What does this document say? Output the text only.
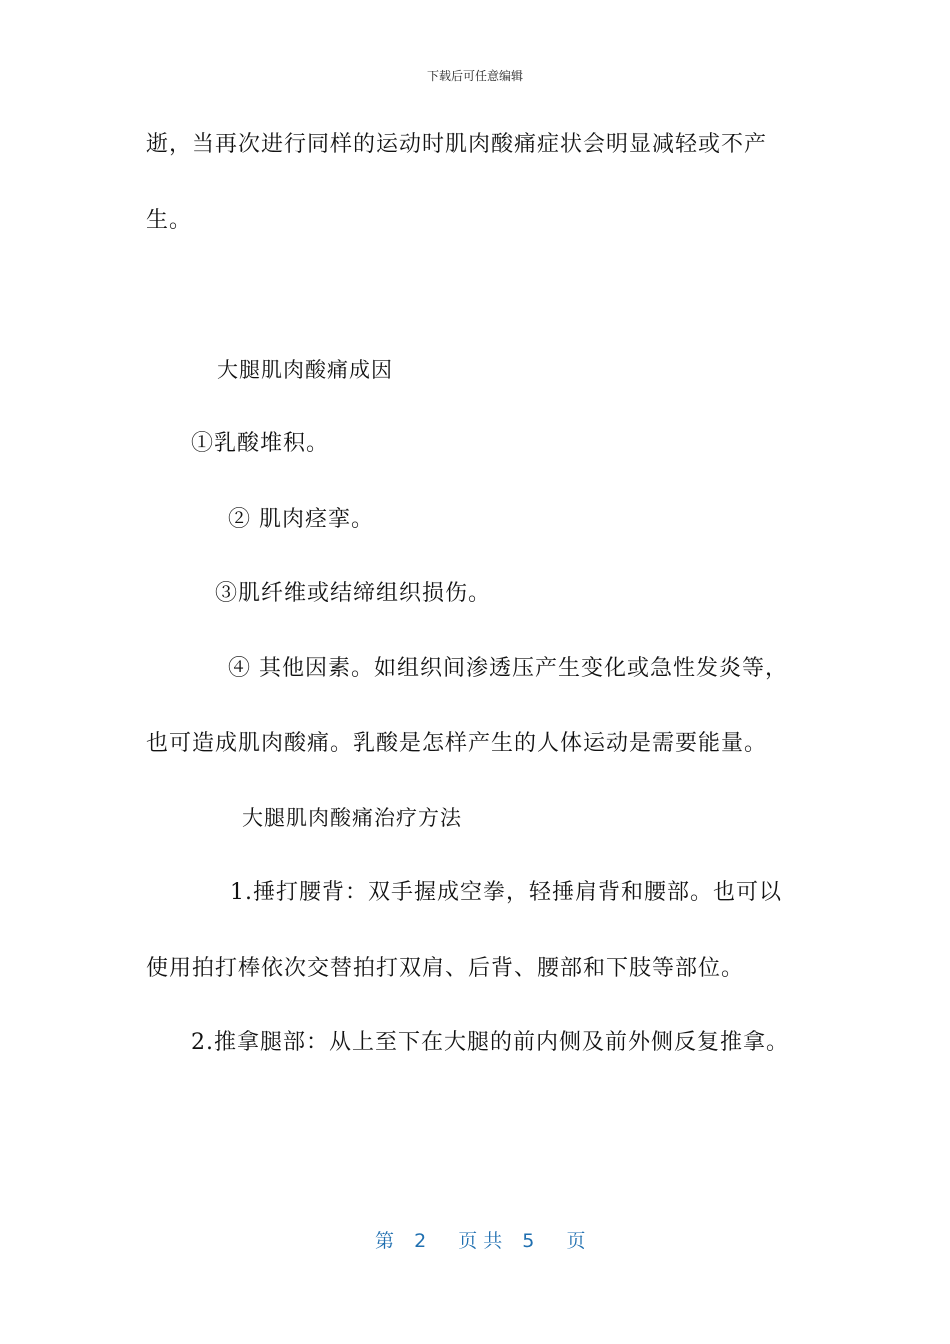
下载后可任意编辑
逝，当再次进行同样的运动时肌肉酸痛症状会明显减轻或不产
生。
大腿肌肉酸痛成因
①乳酸堆积。
② 肌肉痉挛。
③肌纤维或结缔组织损伤。
④ 其他因素。如组织间渗透压产生变化或急性发炎等，
也可造成肌肉酸痛。乳酸是怎样产生的人体运动是需要能量。
大腿肌肉酸痛治疗方法
1.捶打腰背：双手握成空拳，轻捶肩背和腰部。也可以
使用拍打棒依次交替拍打双肩、后背、腰部和下肢等部位。
2.推拿腿部：从上至下在大腿的前内侧及前外侧反复推拿。
第 2 页 共 5 页
